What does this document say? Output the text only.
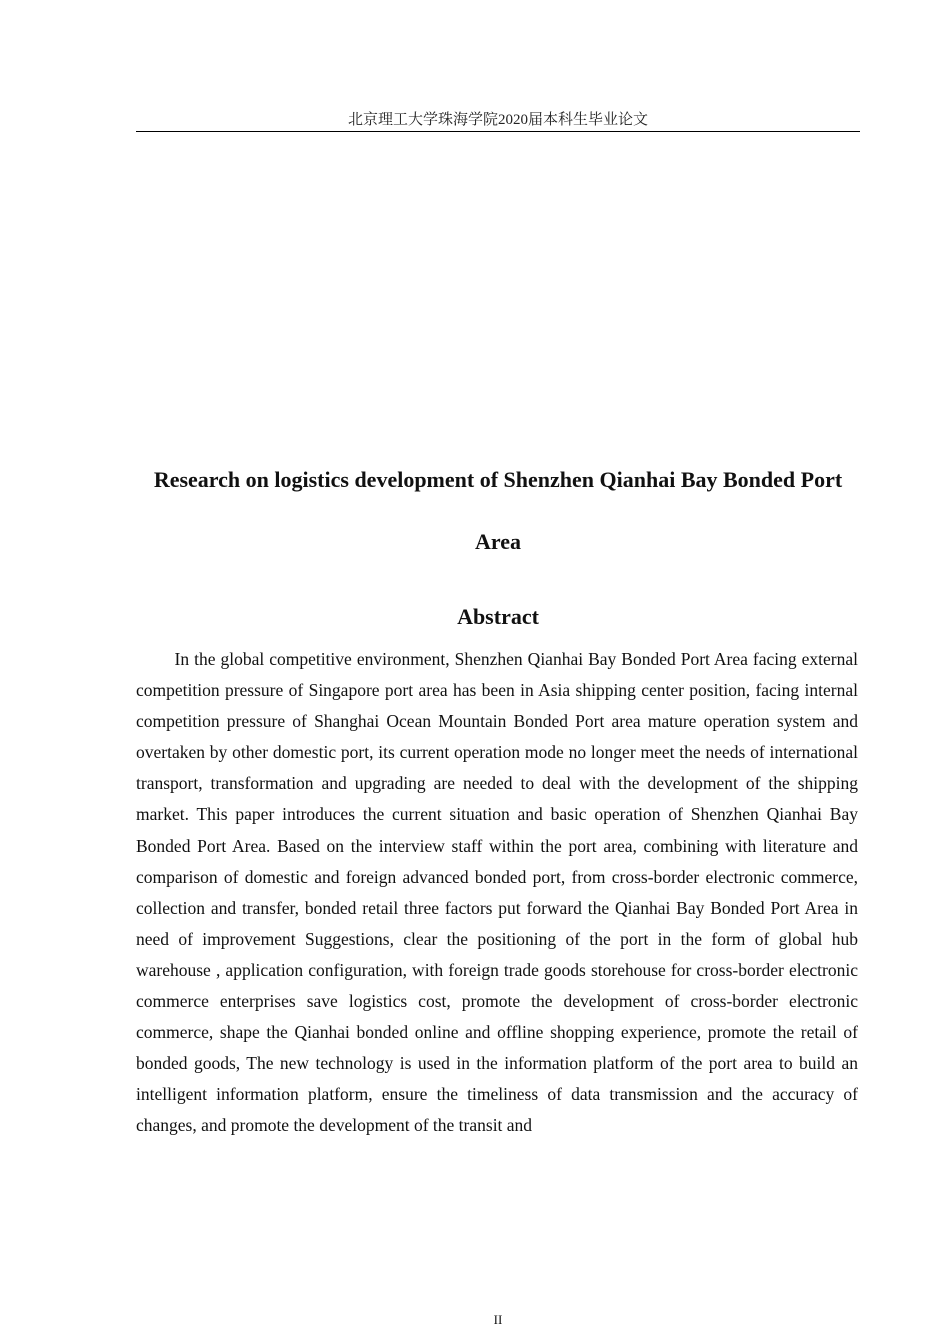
北京理工大学珠海学院2020届本科生毕业论文
Research on logistics development of Shenzhen Qianhai Bay Bonded Port Area
Abstract

In the global competitive environment, Shenzhen Qianhai Bay Bonded Port Area facing external competition pressure of Singapore port area has been in Asia shipping center position, facing internal competition pressure of Shanghai Ocean Mountain Bonded Port area mature operation system and overtaken by other domestic port, its current operation mode no longer meet the needs of international transport, transformation and upgrading are needed to deal with the development of the shipping market. This paper introduces the current situation and basic operation of Shenzhen Qianhai Bay Bonded Port Area. Based on the interview staff within the port area, combining with literature and comparison of domestic and foreign advanced bonded port, from cross-border electronic commerce, collection and transfer, bonded retail three factors put forward the Qianhai Bay Bonded Port Area in need of improvement Suggestions, clear the positioning of the port in the form of global hub warehouse , application configuration, with foreign trade goods storehouse for cross-border electronic commerce enterprises save logistics cost, promote the development of cross-border electronic commerce, shape the Qianhai bonded online and offline shopping experience, promote the retail of bonded goods, The new technology is used in the information platform of the port area to build an intelligent information platform, ensure the timeliness of data transmission and the accuracy of changes, and promote the development of the transit and

II
